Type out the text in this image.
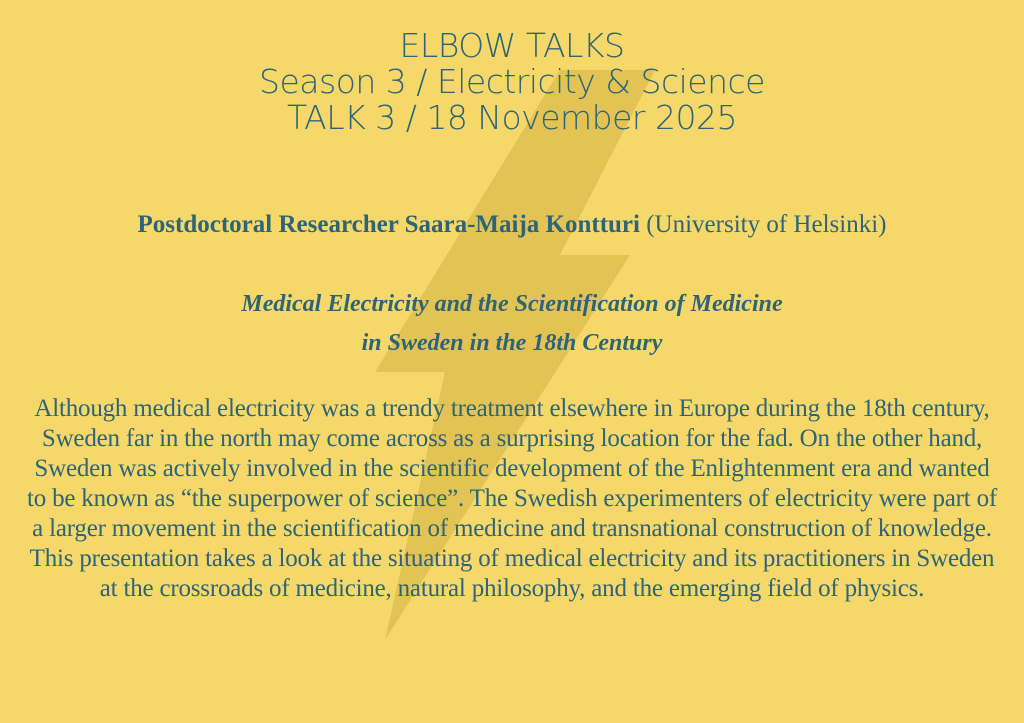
ELBOW TALKS
Season 3 / Electricity & Science
TALK 3 / 18 November 2025
Postdoctoral Researcher Saara-Maija Kontturi (University of Helsinki)
Medical Electricity and the Scientification of Medicine
in Sweden in the 18th Century
Although medical electricity was a trendy treatment elsewhere in Europe during the 18th century, Sweden far in the north may come across as a surprising location for the fad. On the other hand, Sweden was actively involved in the scientific development of the Enlightenment era and wanted to be known as “the superpower of science”. The Swedish experimenters of electricity were part of a larger movement in the scientification of medicine and transnational construction of knowledge. This presentation takes a look at the situating of medical electricity and its practitioners in Sweden at the crossroads of medicine, natural philosophy, and the emerging field of physics.
